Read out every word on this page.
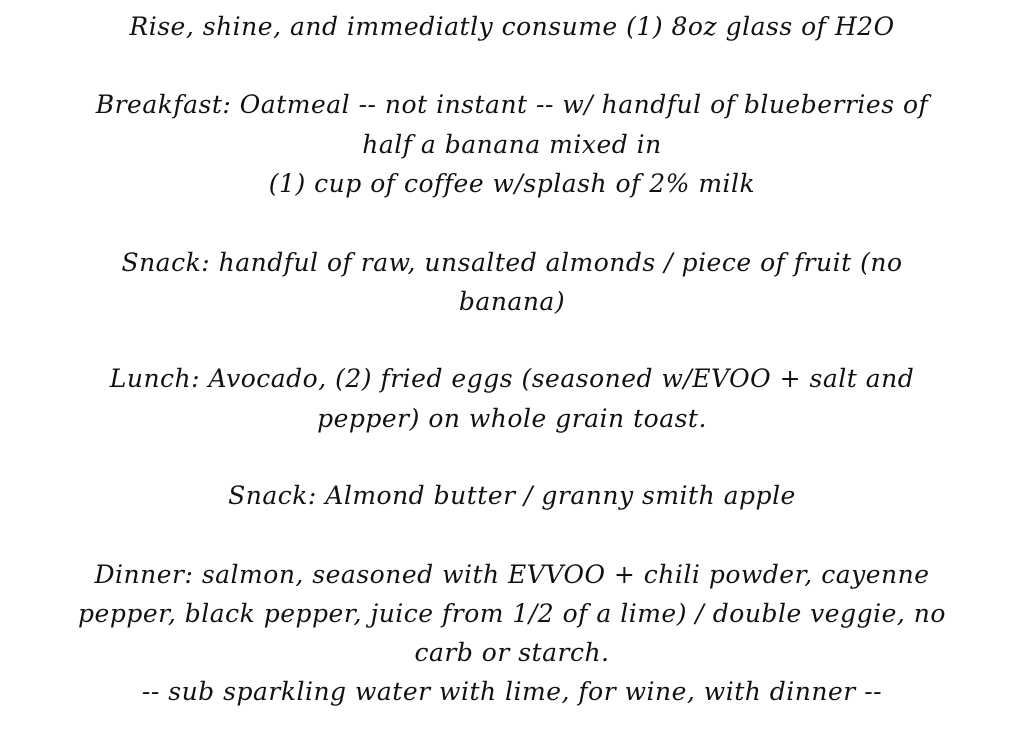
Rise, shine, and immediatly consume (1) 8oz glass of H2O
Breakfast: Oatmeal -- not instant -- w/ handful of blueberries of
half a banana mixed in
(1) cup of coffee w/splash of 2% milk
Snack: handful of raw, unsalted almonds / piece of fruit (no
banana)
Lunch: Avocado, (2) fried eggs (seasoned w/EVOO + salt and
pepper) on whole grain toast.
Snack: Almond butter / granny smith apple
Dinner: salmon, seasoned with EVVOO + chili powder, cayenne
pepper, black pepper, juice from 1/2 of a lime) / double veggie, no
carb or starch.
-- sub sparkling water with lime, for wine, with dinner --
